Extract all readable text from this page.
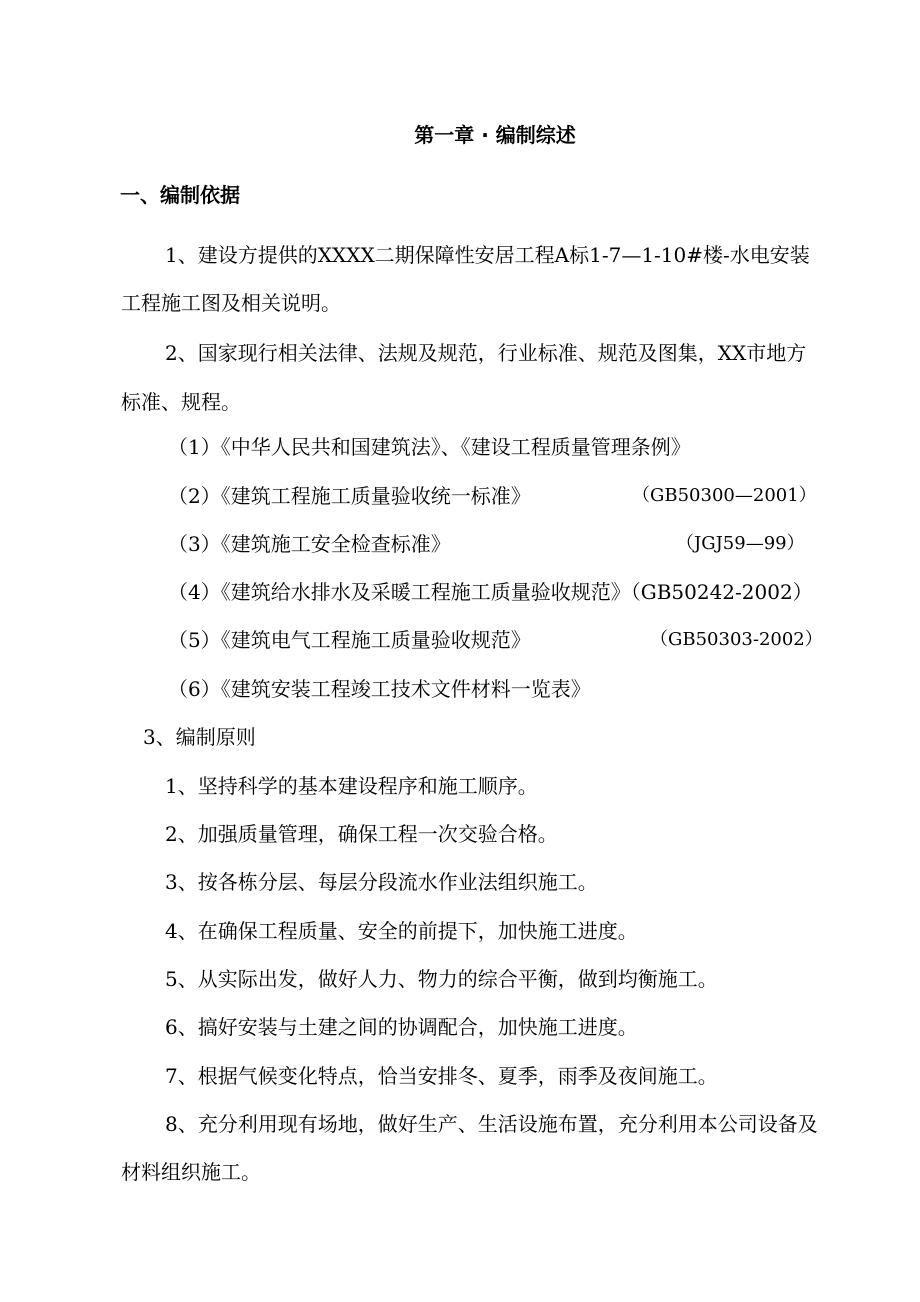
第一章 · 编制综述
一、编制依据
1、建设方提供的XXXX二期保障性安居工程A标1-7—1-10#楼-水电安装
工程施工图及相关说明。
2、国家现行相关法律、法规及规范，行业标准、规范及图集，XX市地方
标准、规程。
（1）《中华人民共和国建筑法》、《建设工程质量管理条例》
（2）《建筑工程施工质量验收统一标准》	（GB50300—2001）
（3）《建筑施工安全检查标准》	（JGJ59—99）
（4）《建筑给水排水及采暖工程施工质量验收规范》（GB50242-2002）
（5）《建筑电气工程施工质量验收规范》	（GB50303-2002）
（6）《建筑安装工程竣工技术文件材料一览表》
3、编制原则
1、坚持科学的基本建设程序和施工顺序。
2、加强质量管理，确保工程一次交验合格。
3、按各栋分层、每层分段流水作业法组织施工。
4、在确保工程质量、安全的前提下，加快施工进度。
5、从实际出发，做好人力、物力的综合平衡，做到均衡施工。
6、搞好安装与土建之间的协调配合，加快施工进度。
7、根据气候变化特点，恰当安排冬、夏季，雨季及夜间施工。
8、充分利用现有场地，做好生产、生活设施布置，充分利用本公司设备及
材料组织施工。
